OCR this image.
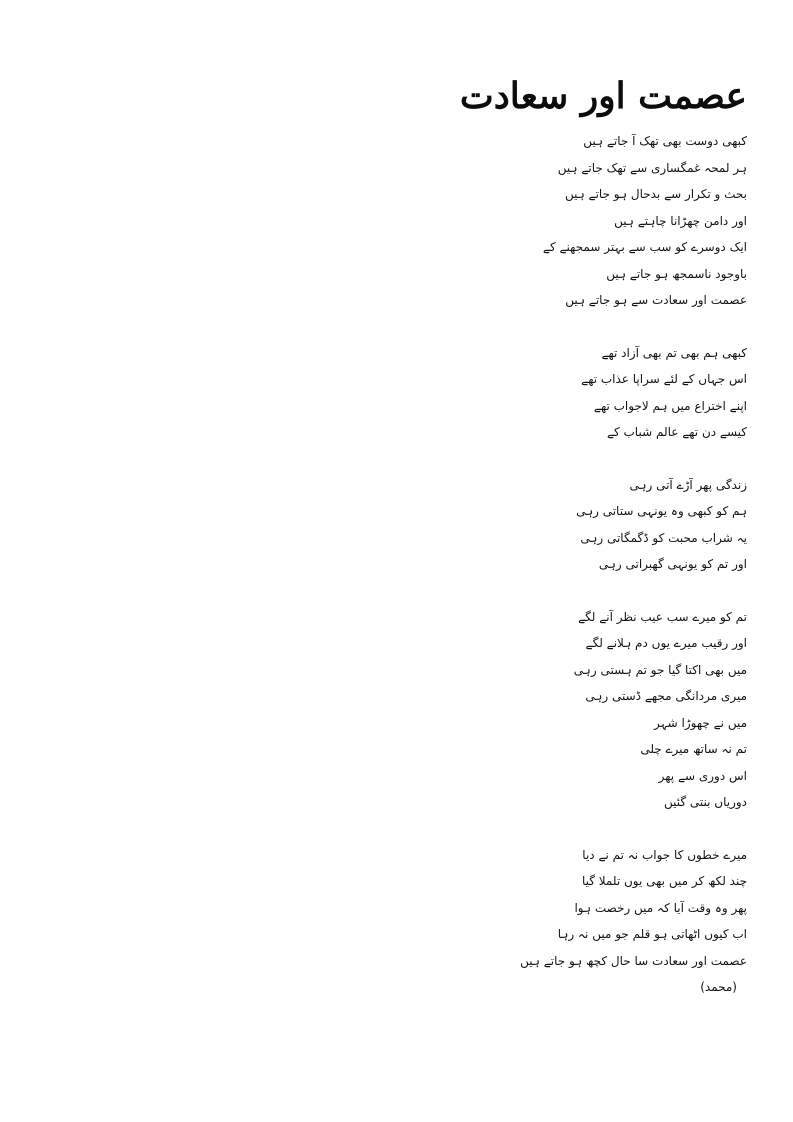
عصمت اور سعادت
کبھی دوست بھی تھک آ جاتے ہیں
ہر لمحہ غمگساری سے تھک جاتے ہیں
بحث و تکرار سے بدحال ہو جاتے ہیں
اور دامن چھڑانا چاہتے ہیں
ایک دوسرے کو سب سے بہتر سمجھنے کے
باوجود ناسمجھ ہو جاتے ہیں
عصمت اور سعادت سے ہو جاتے ہیں
کبھی ہم بھی تم بھی آزاد تھے
اس جہاں کے لئے سراپا عذاب تھے
اپنے اختراع میں ہم لاجواب تھے
کیسے دن تھے عالم شباب کے
زندگی پھر آڑے آتی رہی
ہم کو کبھی وہ یونہی ستاتی رہی
یہ شراب محبت کو ڈگمگاتی رہی
اور تم کو یونہی گھبراتی رہی
تم کو میرے سب عیب نظر آنے لگے
اور رقیب میرے یوں دم ہلانے لگے
میں بھی اکتا گیا جو تم ہستی رہی
میری مردانگی مجھے ڈستی رہی
میں نے چھوڑا شہر
تم نہ ساتھ میرے چلی
اس دوری سے پھر
دوریاں بنتی گئیں
میرے خطوں کا جواب نہ تم نے دیا
چند لکھ کر میں بھی یوں تلملا گیا
پھر وہ وقت آیا کہ میں رخصت ہوا
اب کیوں اٹھاتی ہو قلم جو میں نہ رہا
عصمت اور سعادت سا حال کچھ ہو جاتے ہیں
(محمد)
